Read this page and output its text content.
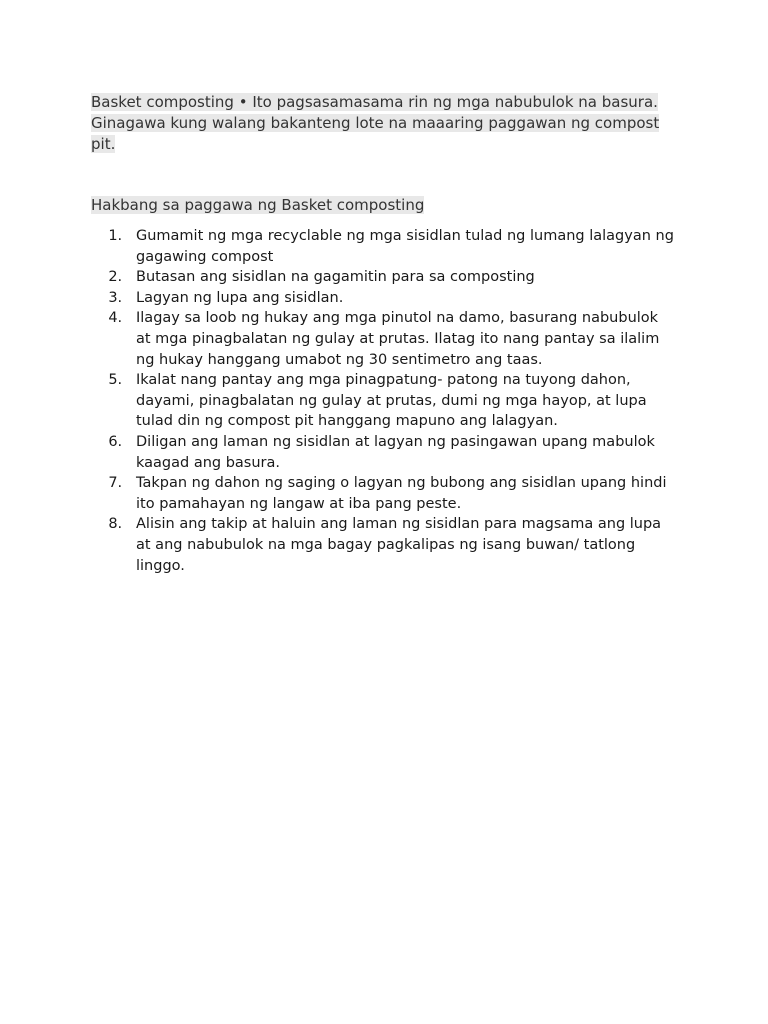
Basket composting • Ito pagsasamasama rin ng mga nabubulok na basura. Ginagawa kung walang bakanteng lote na maaaring paggawan ng compost pit.

Hakbang sa paggawa ng Basket composting

1. Gumamit ng mga recyclable ng mga sisidlan tulad ng lumang lalagyan ng gagawing compost
2. Butasan ang sisidlan na gagamitin para sa composting
3. Lagyan ng lupa ang sisidlan.
4. Ilagay sa loob ng hukay ang mga pinutol na damo, basurang nabubulok at mga pinagbalatan ng gulay at prutas. Ilatag ito nang pantay sa ilalim ng hukay hanggang umabot ng 30 sentimetro ang taas.
5. Ikalat nang pantay ang mga pinagpatung- patong na tuyong dahon, dayami, pinagbalatan ng gulay at prutas, dumi ng mga hayop, at lupa tulad din ng compost pit hanggang mapuno ang lalagyan.
6. Diligan ang laman ng sisidlan at lagyan ng pasingawan upang mabulok kaagad ang basura.
7. Takpan ng dahon ng saging o lagyan ng bubong ang sisidlan upang hindi ito pamahayan ng langaw at iba pang peste.
8. Alisin ang takip at haluin ang laman ng sisidlan para magsama ang lupa at ang nabubulok na mga bagay pagkalipas ng isang buwan/ tatlong linggo.
